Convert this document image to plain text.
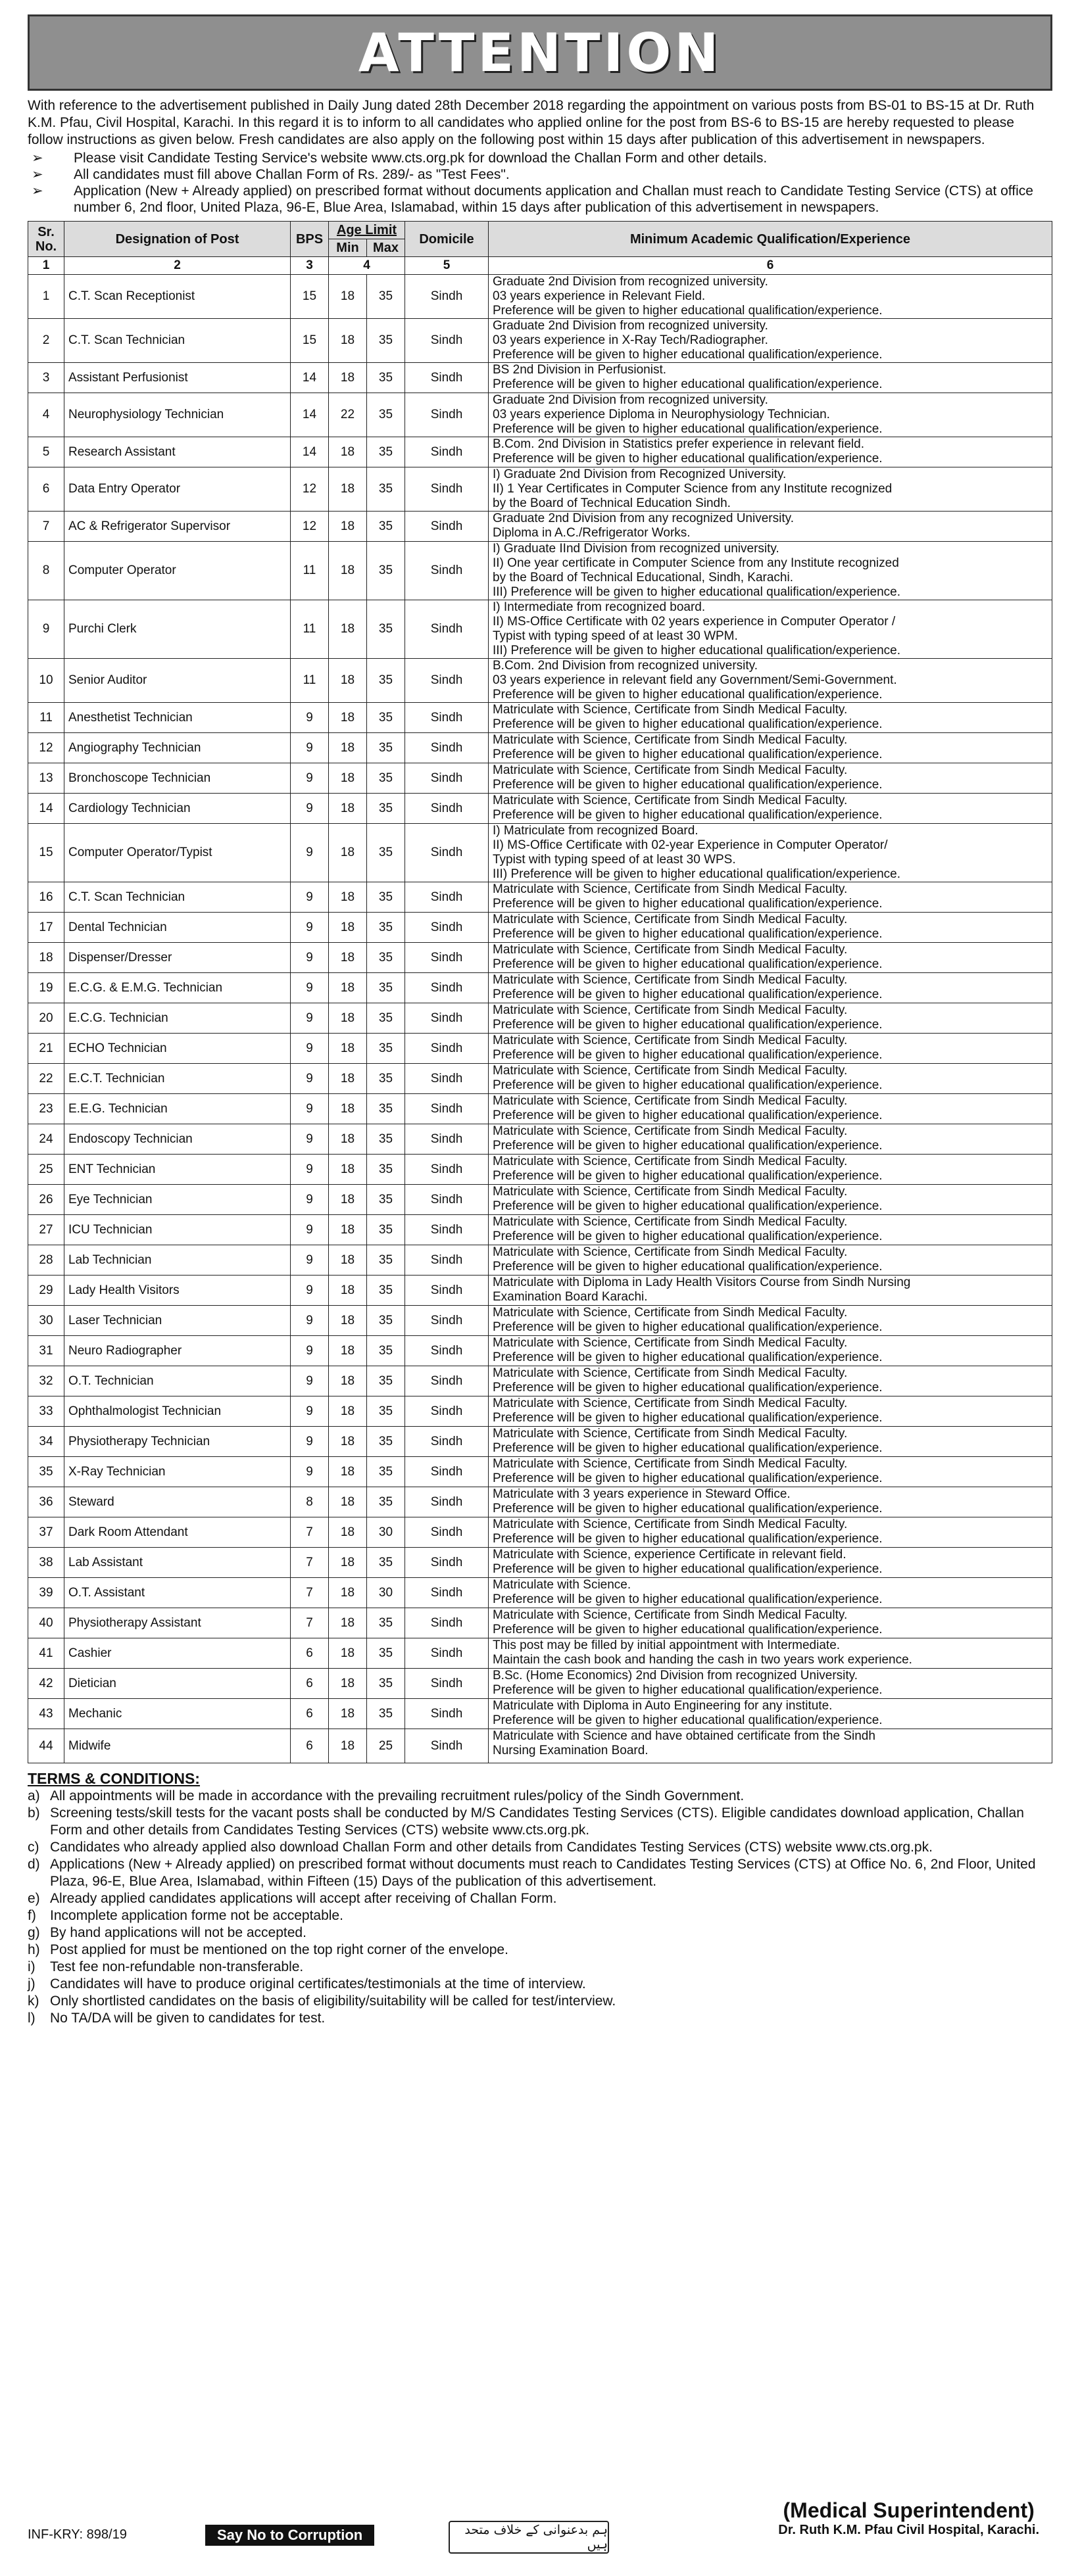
ATTENTION
With reference to the advertisement published in Daily Jung dated 28th December 2018 regarding the appointment on various posts from BS-01 to BS-15 at Dr. Ruth K.M. Pfau, Civil Hospital, Karachi. In this regard it is to inform to all candidates who applied online for the post from BS-6 to BS-15 are hereby requested to please follow instructions as given below. Fresh candidates are also apply on the following post within 15 days after publication of this advertisement in newspapers.
➢ Please visit Candidate Testing Service's website www.cts.org.pk for download the Challan Form and other details.
➢ All candidates must fill above Challan Form of Rs. 289/- as "Test Fees".
➢ Application (New + Already applied) on prescribed format without documents application and Challan must reach to Candidate Testing Service (CTS) at office number 6, 2nd floor, United Plaza, 96-E, Blue Area, Islamabad, within 15 days after publication of this advertisement in newspapers.
Sr. No.	Designation of Post	BPS	Age Limit		Domicile	Minimum Academic Qualification/Experience
			Min	Max		
1	2	3	4		5	6
1	C.T. Scan Receptionist	15	18	35	Sindh	Graduate 2nd Division from recognized university.
03 years experience in Relevant Field.
Preference will be given to higher educational qualification/experience.

2	C.T. Scan Technician	15	18	35	Sindh	Graduate 2nd Division from recognized university.
03 years experience in X-Ray Tech/Radiographer.
Preference will be given to higher educational qualification/experience.

3	Assistant Perfusionist	14	18	35	Sindh	BS 2nd Division in Perfusionist.
Preference will be given to higher educational qualification/experience.

4	Neurophysiology Technician	14	22	35	Sindh	Graduate 2nd Division from recognized university.
03 years experience Diploma in Neurophysiology Technician.
Preference will be given to higher educational qualification/experience.

5	Research Assistant	14	18	35	Sindh	B.Com. 2nd Division in Statistics prefer experience in relevant field.
Preference will be given to higher educational qualification/experience.

6	Data Entry Operator	12	18	35	Sindh	I) Graduate 2nd Division from Recognized University.
II) 1 Year Certificates in Computer Science from any Institute recognized
by the Board of Technical Education Sindh.

7	AC & Refrigerator Supervisor	12	18	35	Sindh	Graduate 2nd Division from any recognized University.
Diploma in A.C./Refrigerator Works.

8	Computer Operator	11	18	35	Sindh	I) Graduate IInd Division from recognized university.
II) One year certificate in Computer Science from any Institute recognized
by the Board of Technical Educational, Sindh, Karachi.
III) Preference will be given to higher educational qualification/experience.

9	Purchi Clerk	11	18	35	Sindh	I) Intermediate from recognized board.
II) MS-Office Certificate with 02 years experience in Computer Operator /
Typist with typing speed of at least 30 WPM.
III) Preference will be given to higher educational qualification/experience.

10	Senior Auditor	11	18	35	Sindh	B.Com. 2nd Division from recognized university.
03 years experience in relevant field any Government/Semi-Government.
Preference will be given to higher educational qualification/experience.

11	Anesthetist Technician	9	18	35	Sindh	Matriculate with Science, Certificate from Sindh Medical Faculty.
Preference will be given to higher educational qualification/experience.

12	Angiography Technician	9	18	35	Sindh	Matriculate with Science, Certificate from Sindh Medical Faculty.
Preference will be given to higher educational qualification/experience.

13	Bronchoscope Technician	9	18	35	Sindh	Matriculate with Science, Certificate from Sindh Medical Faculty.
Preference will be given to higher educational qualification/experience.

14	Cardiology Technician	9	18	35	Sindh	Matriculate with Science, Certificate from Sindh Medical Faculty.
Preference will be given to higher educational qualification/experience.

15	Computer Operator/Typist	9	18	35	Sindh	I) Matriculate from recognized Board.
II) MS-Office Certificate with 02-year Experience in Computer Operator/
Typist with typing speed of at least 30 WPS.
III) Preference will be given to higher educational qualification/experience.

16	C.T. Scan Technician	9	18	35	Sindh	Matriculate with Science, Certificate from Sindh Medical Faculty.
Preference will be given to higher educational qualification/experience.

17	Dental Technician	9	18	35	Sindh	Matriculate with Science, Certificate from Sindh Medical Faculty.
Preference will be given to higher educational qualification/experience.

18	Dispenser/Dresser	9	18	35	Sindh	Matriculate with Science, Certificate from Sindh Medical Faculty.
Preference will be given to higher educational qualification/experience.

19	E.C.G. & E.M.G. Technician	9	18	35	Sindh	Matriculate with Science, Certificate from Sindh Medical Faculty.
Preference will be given to higher educational qualification/experience.

20	E.C.G. Technician	9	18	35	Sindh	Matriculate with Science, Certificate from Sindh Medical Faculty.
Preference will be given to higher educational qualification/experience.

21	ECHO Technician	9	18	35	Sindh	Matriculate with Science, Certificate from Sindh Medical Faculty.
Preference will be given to higher educational qualification/experience.

22	E.C.T. Technician	9	18	35	Sindh	Matriculate with Science, Certificate from Sindh Medical Faculty.
Preference will be given to higher educational qualification/experience.

23	E.E.G. Technician	9	18	35	Sindh	Matriculate with Science, Certificate from Sindh Medical Faculty.
Preference will be given to higher educational qualification/experience.

24	Endoscopy Technician	9	18	35	Sindh	Matriculate with Science, Certificate from Sindh Medical Faculty.
Preference will be given to higher educational qualification/experience.

25	ENT Technician	9	18	35	Sindh	Matriculate with Science, Certificate from Sindh Medical Faculty.
Preference will be given to higher educational qualification/experience.

26	Eye Technician	9	18	35	Sindh	Matriculate with Science, Certificate from Sindh Medical Faculty.
Preference will be given to higher educational qualification/experience.

27	ICU Technician	9	18	35	Sindh	Matriculate with Science, Certificate from Sindh Medical Faculty.
Preference will be given to higher educational qualification/experience.

28	Lab Technician	9	18	35	Sindh	Matriculate with Science, Certificate from Sindh Medical Faculty.
Preference will be given to higher educational qualification/experience.

29	Lady Health Visitors	9	18	35	Sindh	Matriculate with Diploma in Lady Health Visitors Course from Sindh Nursing
Examination Board Karachi.

30	Laser Technician	9	18	35	Sindh	Matriculate with Science, Certificate from Sindh Medical Faculty.
Preference will be given to higher educational qualification/experience.

31	Neuro Radiographer	9	18	35	Sindh	Matriculate with Science, Certificate from Sindh Medical Faculty.
Preference will be given to higher educational qualification/experience.

32	O.T. Technician	9	18	35	Sindh	Matriculate with Science, Certificate from Sindh Medical Faculty.
Preference will be given to higher educational qualification/experience.

33	Ophthalmologist Technician	9	18	35	Sindh	Matriculate with Science, Certificate from Sindh Medical Faculty.
Preference will be given to higher educational qualification/experience.

34	Physiotherapy Technician	9	18	35	Sindh	Matriculate with Science, Certificate from Sindh Medical Faculty.
Preference will be given to higher educational qualification/experience.

35	X-Ray Technician	9	18	35	Sindh	Matriculate with Science, Certificate from Sindh Medical Faculty.
Preference will be given to higher educational qualification/experience.

36	Steward	8	18	35	Sindh	Matriculate with 3 years experience in Steward Office.
Preference will be given to higher educational qualification/experience.

37	Dark Room Attendant	7	18	30	Sindh	Matriculate with Science, Certificate from Sindh Medical Faculty.
Preference will be given to higher educational qualification/experience.

38	Lab Assistant	7	18	35	Sindh	Matriculate with Science, experience Certificate in relevant field.
Preference will be given to higher educational qualification/experience.

39	O.T. Assistant	7	18	30	Sindh	Matriculate with Science.
Preference will be given to higher educational qualification/experience.

40	Physiotherapy Assistant	7	18	35	Sindh	Matriculate with Science, Certificate from Sindh Medical Faculty.
Preference will be given to higher educational qualification/experience.

41	Cashier	6	18	35	Sindh	This post may be filled by initial appointment with Intermediate.
Maintain the cash book and handing the cash in two years work experience.

42	Dietician	6	18	35	Sindh	B.Sc. (Home Economics) 2nd Division from recognized University.
Preference will be given to higher educational qualification/experience.

43	Mechanic	6	18	35	Sindh	Matriculate with Diploma in Auto Engineering for any institute.
Preference will be given to higher educational qualification/experience.

44	Midwife	6	18	25	Sindh	Matriculate with Science and have obtained certificate from the Sindh
Nursing Examination Board.
TERMS & CONDITIONS:
a) All appointments will be made in accordance with the prevailing recruitment rules/policy of the Sindh Government.
b) Screening tests/skill tests for the vacant posts shall be conducted by M/S Candidates Testing Services (CTS). Eligible candidates download application, Challan Form and other details from Candidates Testing Services (CTS) website www.cts.org.pk.
c) Candidates who already applied also download Challan Form and other details from Candidates Testing Services (CTS) website www.cts.org.pk.
d) Applications (New + Already applied) on prescribed format without documents must reach to Candidates Testing Services (CTS) at Office No. 6, 2nd Floor, United Plaza, 96-E, Blue Area, Islamabad, within Fifteen (15) Days of the publication of this advertisement.
e) Already applied candidates applications will accept after receiving of Challan Form.
f)	Incomplete application forme not be acceptable.
g) By hand applications will not be accepted.
h) Post applied for must be mentioned on the top right corner of the envelope.
i)	Test fee non-refundable non-transferable.
j)	Candidates will have to produce original certificates/testimonials at the time of interview.
k) Only shortlisted candidates on the basis of eligibility/suitability will be called for test/interview.
l)	No TA/DA will be given to candidates for test.
INF-KRY: 898/19	Say No to Corruption	ہم بدعنوانی کے خلاف متحد ہیں
(Medical Superintendent)
Dr. Ruth K.M. Pfau Civil Hospital, Karachi.
